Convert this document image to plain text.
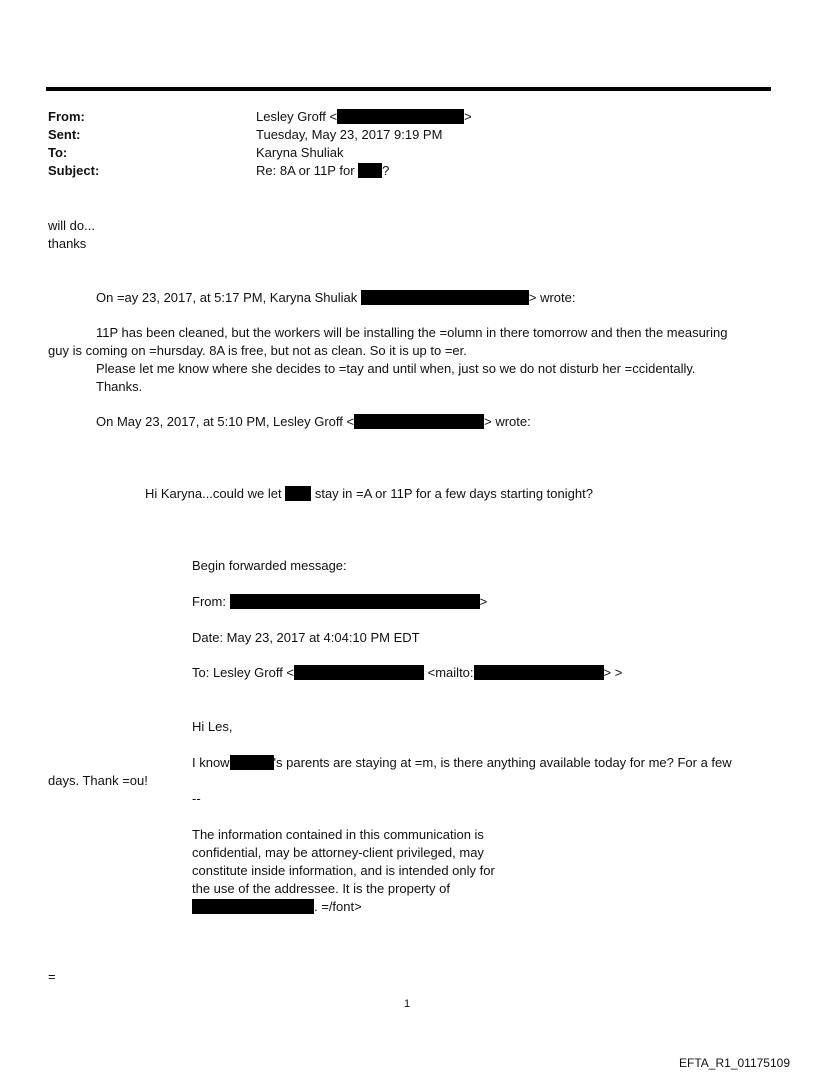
From:	Lesley Groff <	>
Sent:	Tuesday, May 23, 2017 9:19 PM
To:	Karyna Shuliak
Subject:	Re: 8A or 11P for ?
will do...
thanks
On =ay 23, 2017, at 5:17 PM, Karyna Shuliak	> wrote:
11P has been cleaned, but the workers will be installing the =olumn in there tomorrow and then the measuring
guy is coming on =hursday. 8A is free, but not as clean. So it is up to =er.
Please let me know where she decides to =tay and until when, just so we do not disturb her =ccidentally.
Thanks.
On May 23, 2017, at 5:10 PM, Lesley Groff <	> wrote:
Hi Karyna...could we let	stay in =A or 11P for a few days starting tonight?
Begin forwarded message:
From:	>
Date: May 23, 2017 at 4:04:10 PM EDT
To: Lesley Groff <	<mailto:	> >
Hi Les,
I know	's parents are staying at =m, is there anything available today for me? For a few
days. Thank =ou!
--
The information contained in this communication is
confidential, may be attorney-client privileged, may
constitute inside information, and is intended only for
the use of the addressee. It is the property of
. =/font>
=
1
EFTA_R1_01175109
